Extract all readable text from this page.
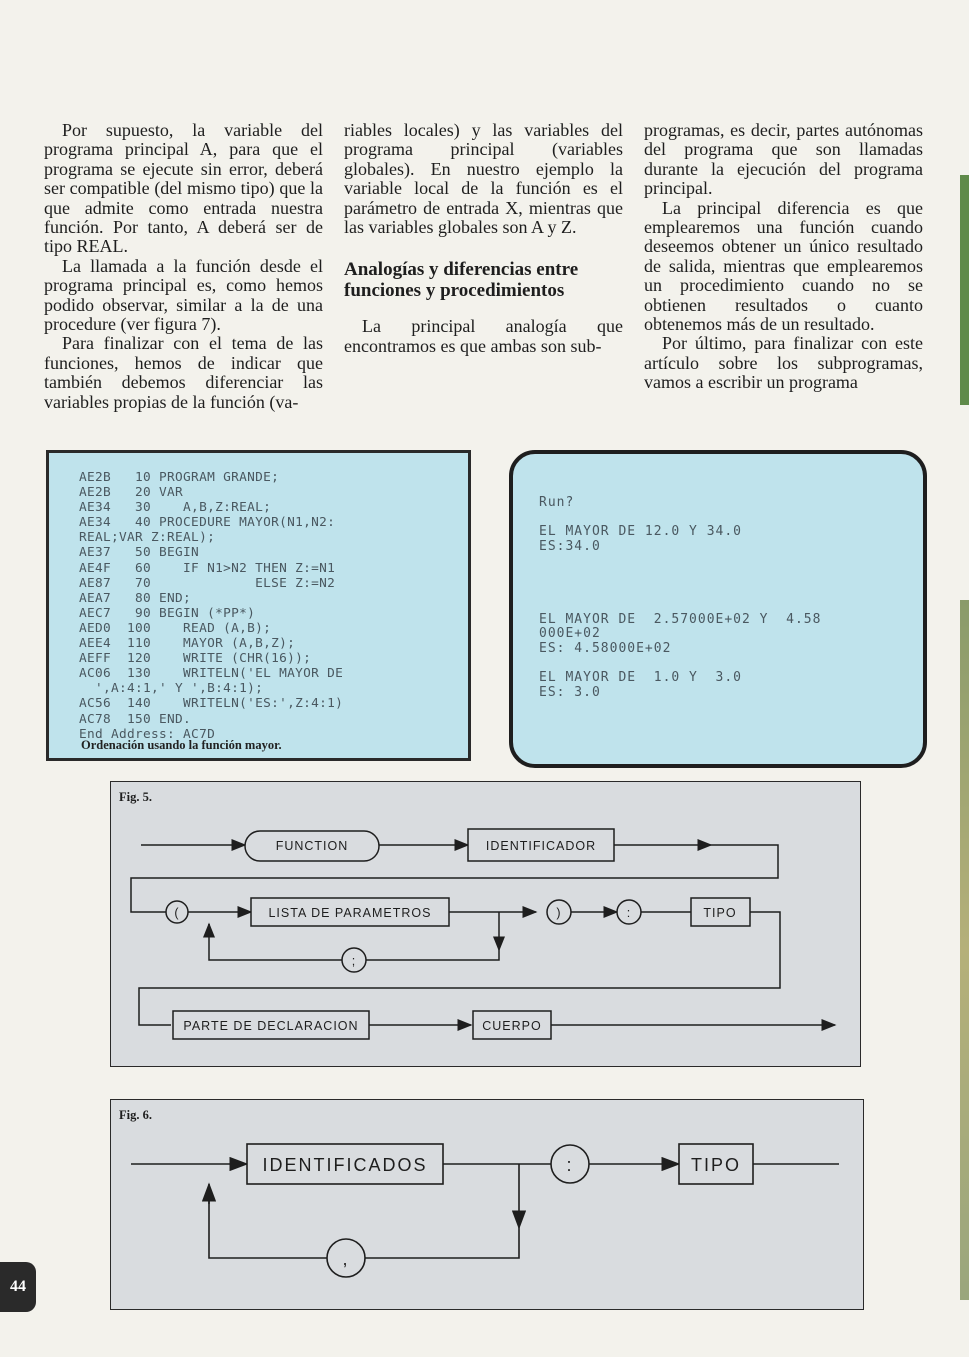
Por supuesto, la variable del programa principal A, para que el programa se ejecute sin error, deberá ser compatible (del mismo tipo) que la que admite como entrada nuestra función. Por tanto, A deberá ser de tipo REAL.

La llamada a la función desde el programa principal es, como hemos podido observar, similar a la de una procedure (ver figura 7).

Para finalizar con el tema de las funciones, hemos de indicar que también debemos diferenciar las variables propias de la función (va-

riables locales) y las variables del programa principal (variables globales). En nuestro ejemplo la variable local de la función es el parámetro de entrada X, mientras que las variables globales son A y Z.

Analogías y diferencias entre funciones y procedimientos

La principal analogía que encontramos es que ambas son sub-

programas, es decir, partes autónomas del programa que son llamadas durante la ejecución del programa principal.

La principal diferencia es que emplearemos una función cuando deseemos obtener un único resultado de salida, mientras que emplearemos un procedimiento cuando no se obtienen resultados o cuanto obtenemos más de un resultado.

Por último, para finalizar con este artículo sobre los subprogramas, vamos a escribir un programa

AE2B   10 PROGRAM GRANDE;
AE2B   20 VAR
AE34   30    A,B,Z:REAL;
AE34   40 PROCEDURE MAYOR(N1,N2:
REAL;VAR Z:REAL);
AE37   50 BEGIN
AE4F   60    IF N1>N2 THEN Z:=N1
AE87   70             ELSE Z:=N2
AEA7   80 END;
AEC7   90 BEGIN (*PP*)
AED0  100    READ (A,B);
AEE4  110    MAYOR (A,B,Z);
AEFF  120    WRITE (CHR(16));
AC06  130    WRITELN('EL MAYOR DE
',A:4:1,' Y ',B:4:1);
AC56  140    WRITELN('ES:',Z:4:1)
AC78  150 END.
End Address: AC7D
Ordenación usando la función mayor.
Run?

EL MAYOR DE 12.0 Y 34.0
ES:34.0

EL MAYOR DE  2.57000E+02 Y  4.58
000E+02
ES: 4.58000E+02

EL MAYOR DE  1.0 Y  3.0
ES: 3.0
Fig. 5.
FUNCTION	IDENTIFICADOR
(	LISTA DE PARAMETROS	)	:	TIPO
;
PARTE DE DECLARACION	CUERPO
Fig. 6.
IDENTIFICADOS	:	TIPO
,
44
